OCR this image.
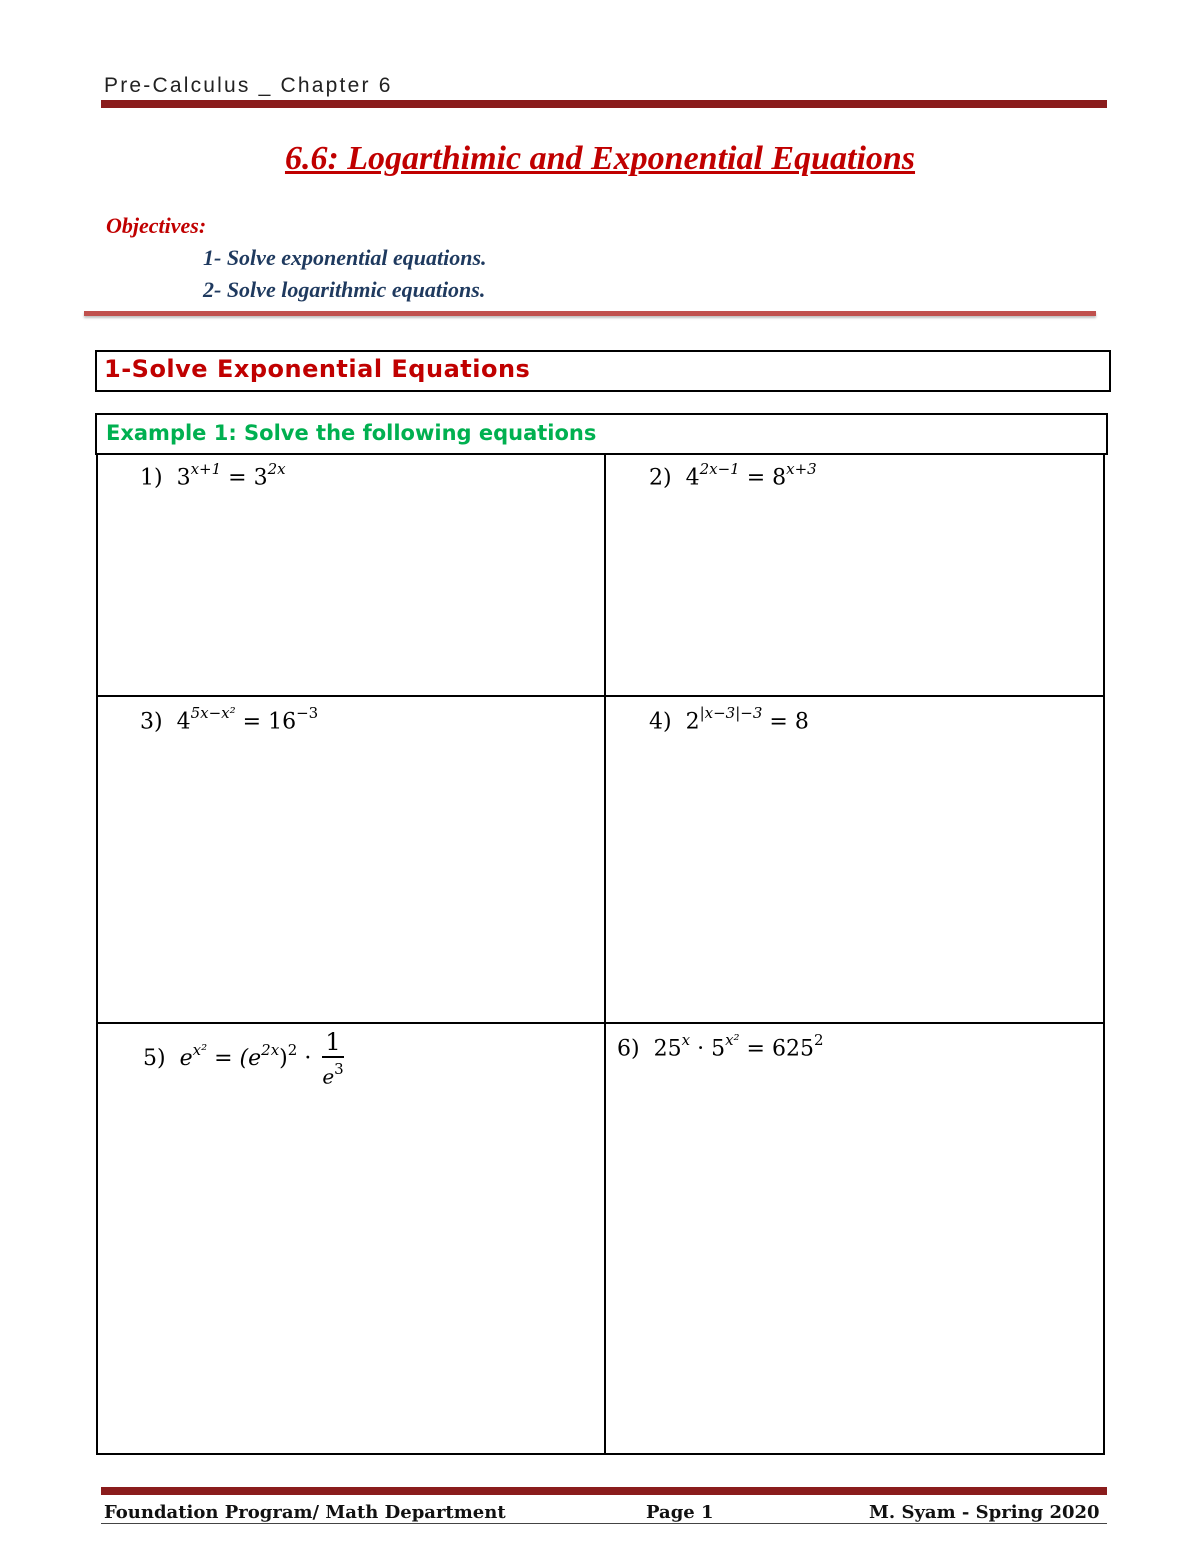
Pre-Calculus _ Chapter 6
6.6: Logarthimic and Exponential Equations
Objectives:
1- Solve exponential equations.
2- Solve logarithmic equations.
1-Solve Exponential Equations
Example 1: Solve the following equations
1) $3^{x+1} = 3^{2x}$	2) $4^{2x-1} = 8^{x+3}$
3) $4^{5x-x^2} = 16^{-3}$	4) $2^{|x-3|-3} = 8$
5) $e^{x^2} = (e^{2x})^2 \cdot \frac{1}{e^3}$	6) $25^x \cdot 5^{x^2} = 625^2$
Foundation Program/ Math Department	Page 1	M. Syam - Spring 2020
